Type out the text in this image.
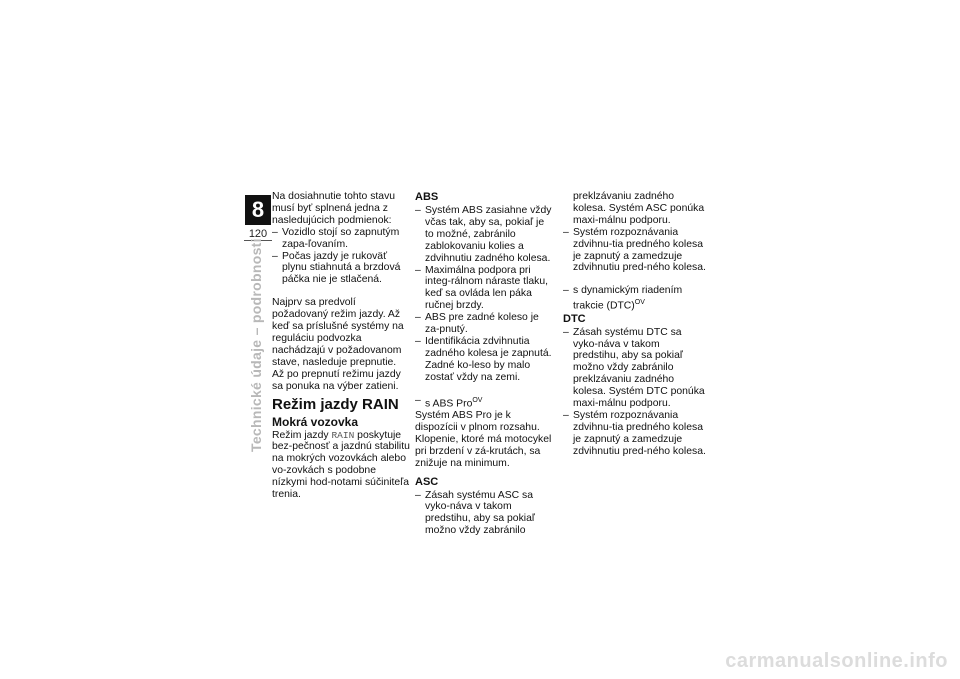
8
120
Technické údaje – podrobnosti

Na dosiahnutie tohto stavu musí byť splnená jedna z nasledujúcich podmienok:

– Vozidlo stojí so zapnutým zapa-ľovaním.

– Počas jazdy je rukoväť plynu stiahnutá a brzdová páčka nie je stlačená.

Najprv sa predvolí požadovaný režim jazdy. Až keď sa príslušné systémy na reguláciu podvozka nachádzajú v požadovanom stave, nasleduje prepnutie.

Až po prepnutí režimu jazdy sa ponuka na výber zatieni.

Režim jazdy RAIN
Mokrá vozovka

Režim jazdy RAIN poskytuje bez-pečnosť a jazdnú stabilitu na mokrých vozovkách alebo vo-zovkách s podobne nízkymi hod-notami súčiniteľa trenia.

ABS

– Systém ABS zasiahne vždy včas tak, aby sa, pokiaľ je to možné, zabránilo zablokovaniu kolies a zdvihnutiu zadného kolesa.

– Maximálna podpora pri integ-rálnom náraste tlaku, keď sa ovláda len páka ručnej brzdy.

– ABS pre zadné koleso je za-pnutý.

– Identifikácia zdvihnutia zadného kolesa je zapnutá. Zadné ko-leso by malo zostať vždy na zemi.

– s ABS Pro$^{OV}$

Systém ABS Pro je k dispozícii v plnom rozsahu. Klopenie, ktoré má motocykel pri brzdení v zá-krutách, sa znižuje na minimum.

ASC

– Zásah systému ASC sa vyko-náva v takom predstihu, aby sa pokiaľ možno vždy zabránilo

preklzávaniu zadného kolesa. Systém ASC ponúka maxi-málnu podporu.

– Systém rozpoznávania zdvihnu-tia predného kolesa je zapnutý a zamedzuje zdvihnutiu pred-ného kolesa.

– s dynamickým riadením trakcie (DTC)$^{OV}$

DTC

– Zásah systému DTC sa vyko-náva v takom predstihu, aby sa pokiaľ možno vždy zabránilo preklzávaniu zadného kolesa. Systém DTC ponúka maxi-málnu podporu.

– Systém rozpoznávania zdvihnu-tia predného kolesa je zapnutý a zamedzuje zdvihnutiu pred-ného kolesa.

carmanualsonline.info
